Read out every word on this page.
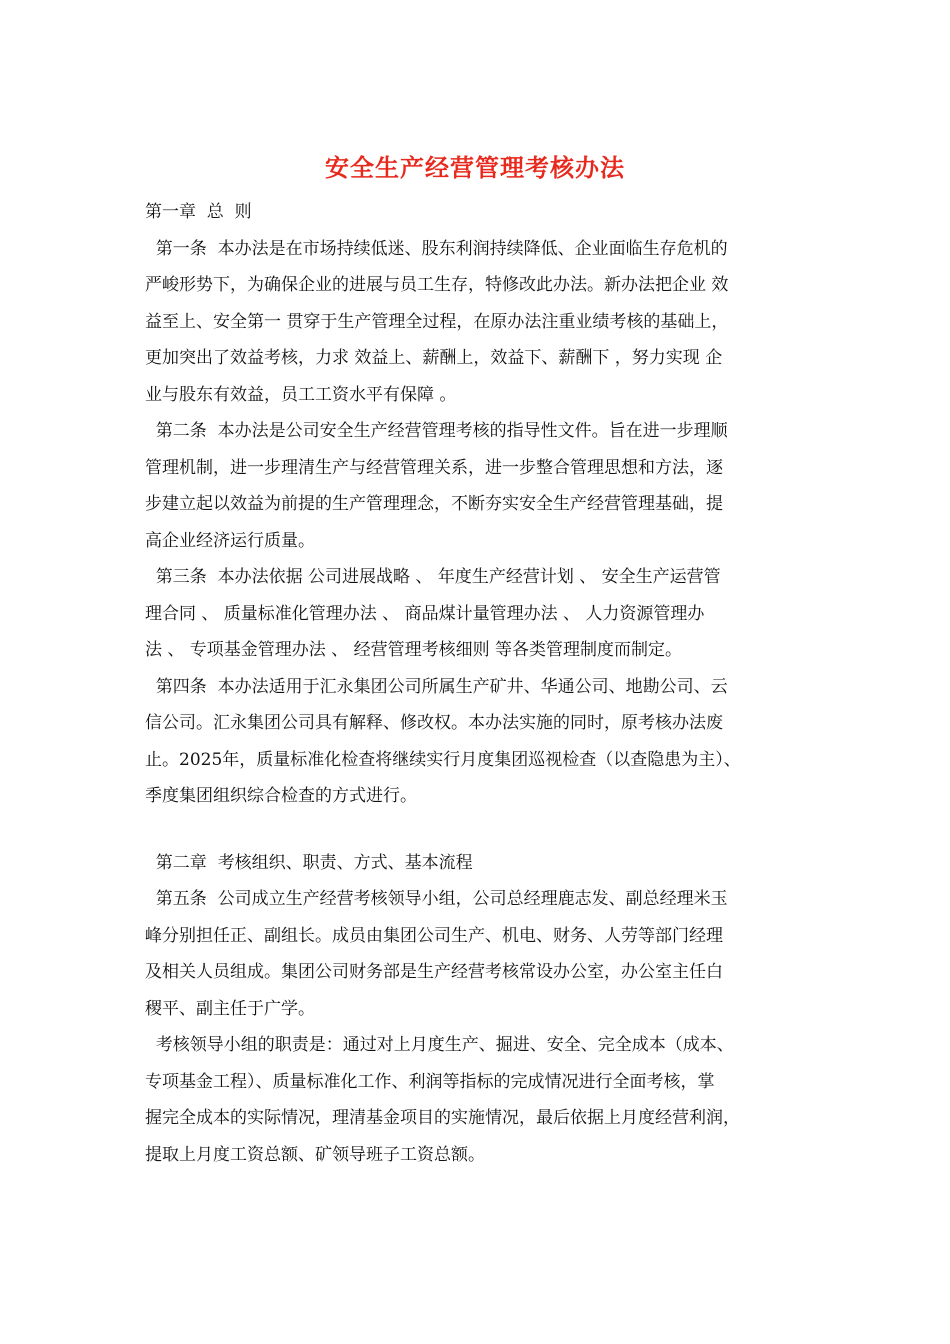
安全生产经营管理考核办法
第一章  总  则
第一条  本办法是在市场持续低迷、股东利润持续降低、企业面临生存危机的
严峻形势下，为确保企业的进展与员工生存，特修改此办法。新办法把企业 效
益至上、安全第一 贯穿于生产管理全过程，在原办法注重业绩考核的基础上，
更加突出了效益考核，力求 效益上、薪酬上，效益下、薪酬下 ，努力实现 企
业与股东有效益，员工工资水平有保障 。
第二条  本办法是公司安全生产经营管理考核的指导性文件。旨在进一步理顺
管理机制，进一步理清生产与经营管理关系，进一步整合管理思想和方法，逐
步建立起以效益为前提的生产管理理念，不断夯实安全生产经营管理基础，提
高企业经济运行质量。
第三条  本办法依据 公司进展战略 、 年度生产经营计划 、 安全生产运营管
理合同 、 质量标准化管理办法 、 商品煤计量管理办法 、 人力资源管理办
法 、 专项基金管理办法 、 经营管理考核细则 等各类管理制度而制定。
第四条  本办法适用于汇永集团公司所属生产矿井、华通公司、地勘公司、云
信公司。汇永集团公司具有解释、修改权。本办法实施的同时，原考核办法废
止。2025年，质量标准化检查将继续实行月度集团巡视检查（以查隐患为主）、
季度集团组织综合检查的方式进行。
第二章  考核组织、职责、方式、基本流程
第五条  公司成立生产经营考核领导小组，公司总经理鹿志发、副总经理米玉
峰分别担任正、副组长。成员由集团公司生产、机电、财务、人劳等部门经理
及相关人员组成。集团公司财务部是生产经营考核常设办公室，办公室主任白
稷平、副主任于广学。
考核领导小组的职责是：通过对上月度生产、掘进、安全、完全成本（成本、
专项基金工程）、质量标准化工作、利润等指标的完成情况进行全面考核，掌
握完全成本的实际情况，理清基金项目的实施情况，最后依据上月度经营利润，
提取上月度工资总额、矿领导班子工资总额。
